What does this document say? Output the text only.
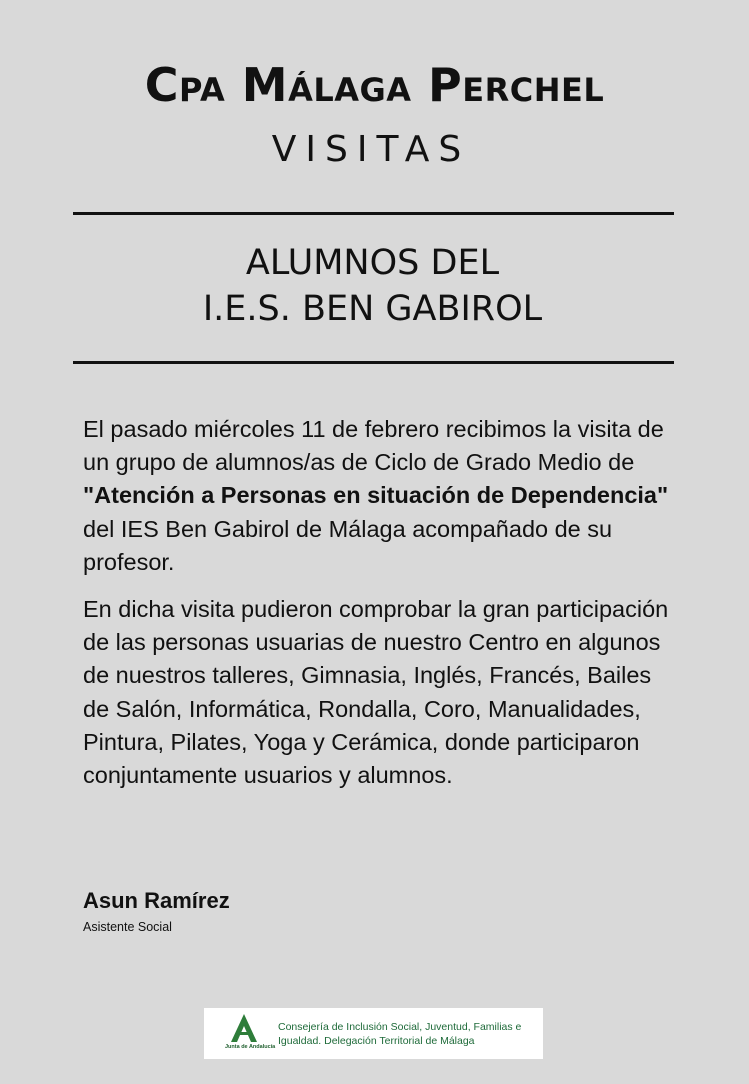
Cpa Málaga Perchel
VISITAS
ALUMNOS DEL
I.E.S. BEN GABIROL

El pasado miércoles 11 de febrero recibimos la visita de un grupo de alumnos/as de Ciclo de Grado Medio de "Atención a Personas en situación de Dependencia" del IES Ben Gabirol de Málaga acompañado de su profesor.

En dicha visita pudieron comprobar la gran participación de las personas usuarias de nuestro Centro en algunos de nuestros talleres, Gimnasia, Inglés, Francés, Bailes de Salón, Informática, Rondalla, Coro, Manualidades, Pintura, Pilates, Yoga y Cerámica, donde participaron conjuntamente usuarios y alumnos.

Asun Ramírez

Asistente Social

Junta de Andalucía
Consejería de Inclusión Social, Juventud, Familias e
Igualdad. Delegación Territorial de Málaga
